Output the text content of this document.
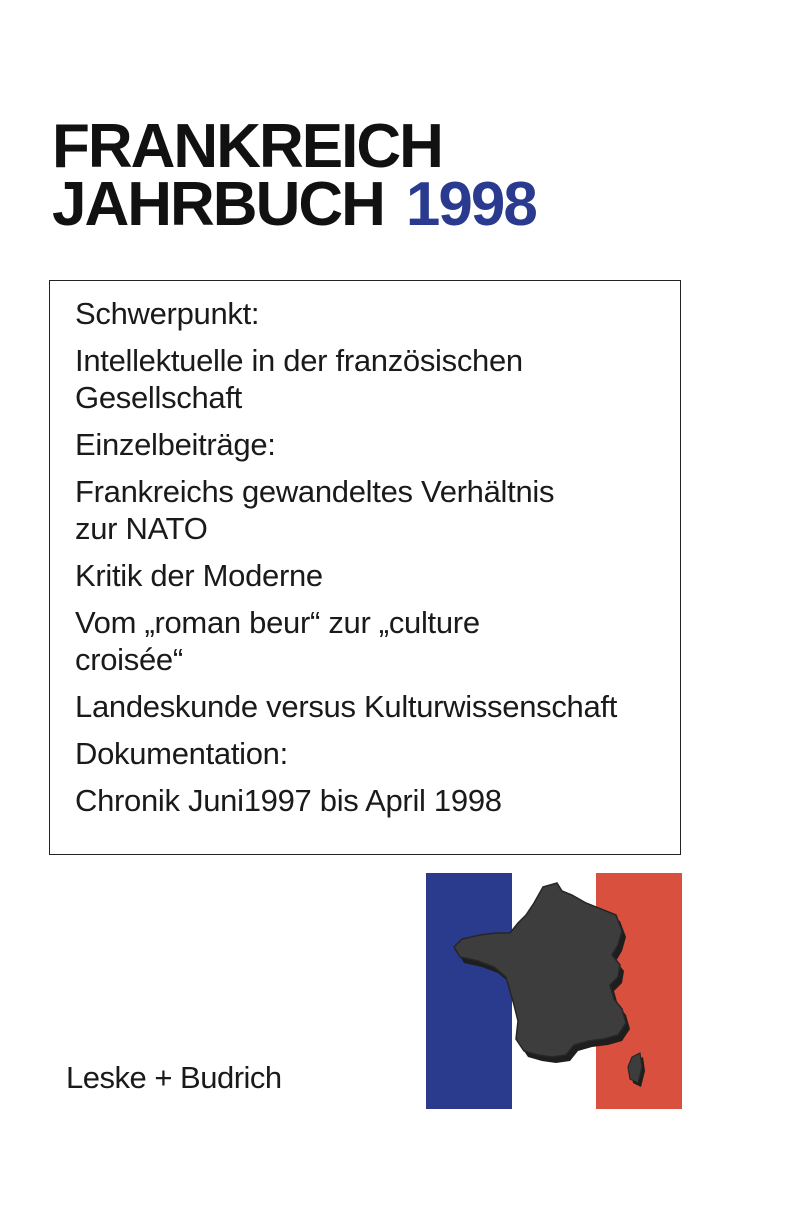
FRANKREICH
JAHRBUCH 1998
Schwerpunkt:
Intellektuelle in der französischen
Gesellschaft
Einzelbeiträge:
Frankreichs gewandeltes Verhältnis
zur NATO
Kritik der Moderne
Vom „roman beur“ zur „culture
croisée“
Landeskunde versus Kulturwissenschaft
Dokumentation:
Chronik Juni1997 bis April 1998
Leske + Budrich
